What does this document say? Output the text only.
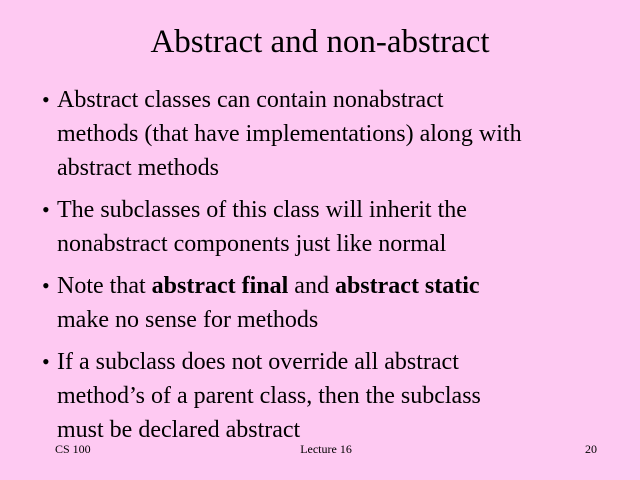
Abstract and non-abstract
• Abstract classes can contain nonabstract
methods (that have implementations) along with
abstract methods
• The subclasses of this class will inherit the
nonabstract components just like normal
• Note that abstract final and abstract static
make no sense for methods
• If a subclass does not override all abstract
method’s of a parent class, then the subclass
must be declared abstract
CS 100	Lecture 16	20
